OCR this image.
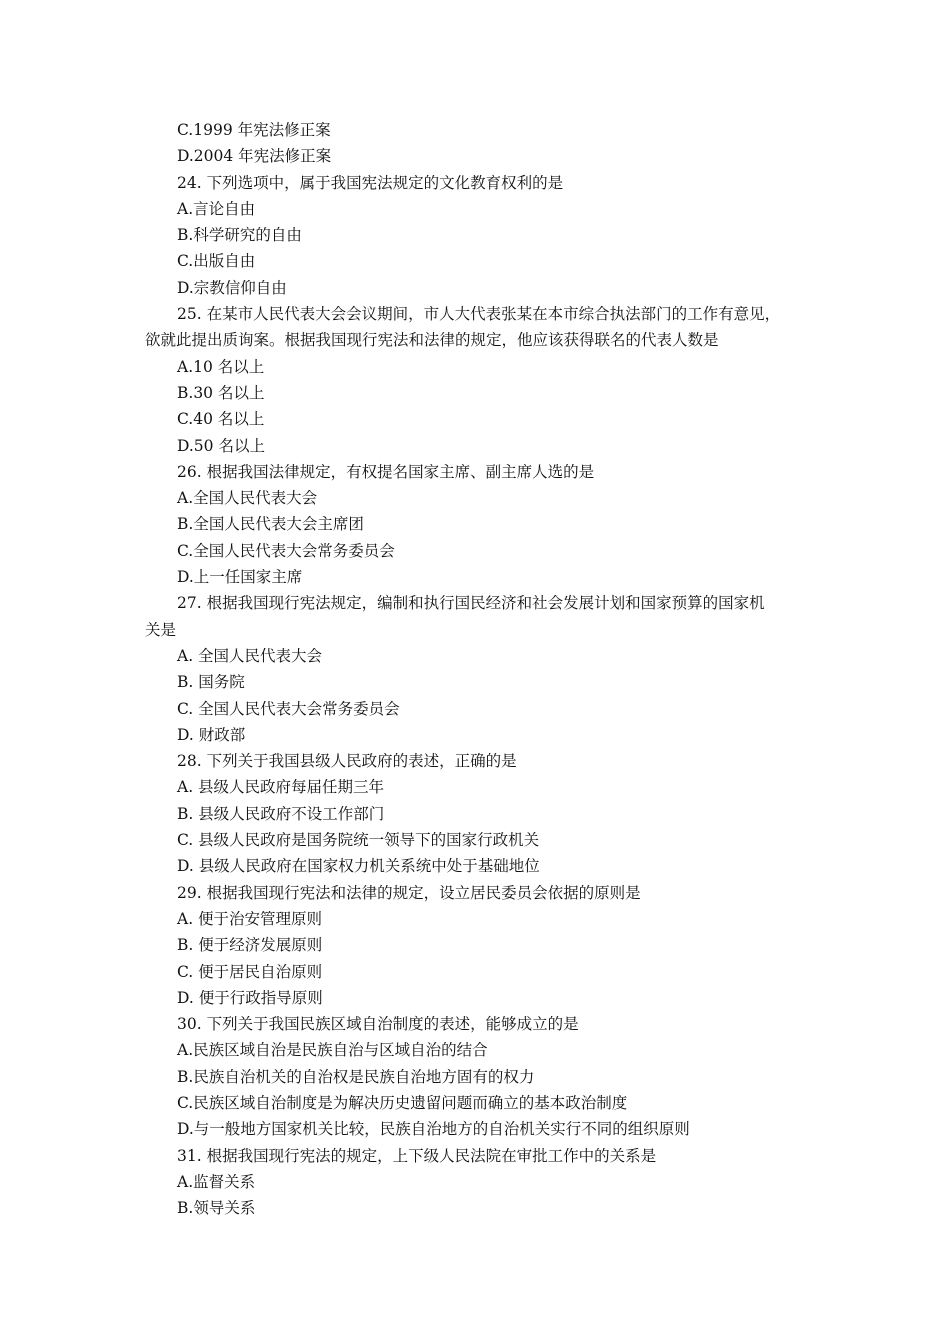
C.1999 年宪法修正案
D.2004 年宪法修正案
24. 下列选项中，属于我国宪法规定的文化教育权利的是
A.言论自由
B.科学研究的自由
C.出版自由
D.宗教信仰自由
25. 在某市人民代表大会会议期间，市人大代表张某在本市综合执法部门的工作有意见，
欲就此提出质询案。根据我国现行宪法和法律的规定，他应该获得联名的代表人数是
A.10 名以上
B.30 名以上
C.40 名以上
D.50 名以上
26. 根据我国法律规定，有权提名国家主席、副主席人选的是
A.全国人民代表大会
B.全国人民代表大会主席团
C.全国人民代表大会常务委员会
D.上一任国家主席
27. 根据我国现行宪法规定，编制和执行国民经济和社会发展计划和国家预算的国家机
关是
A. 全国人民代表大会
B. 国务院
C. 全国人民代表大会常务委员会
D. 财政部
28. 下列关于我国县级人民政府的表述，正确的是
A. 县级人民政府每届任期三年
B. 县级人民政府不设工作部门
C. 县级人民政府是国务院统一领导下的国家行政机关
D. 县级人民政府在国家权力机关系统中处于基础地位
29. 根据我国现行宪法和法律的规定，设立居民委员会依据的原则是
A. 便于治安管理原则
B. 便于经济发展原则
C. 便于居民自治原则
D. 便于行政指导原则
30. 下列关于我国民族区域自治制度的表述，能够成立的是
A.民族区域自治是民族自治与区域自治的结合
B.民族自治机关的自治权是民族自治地方固有的权力
C.民族区域自治制度是为解决历史遗留问题而确立的基本政治制度
D.与一般地方国家机关比较，民族自治地方的自治机关实行不同的组织原则
31. 根据我国现行宪法的规定，上下级人民法院在审批工作中的关系是
A.监督关系
B.领导关系
